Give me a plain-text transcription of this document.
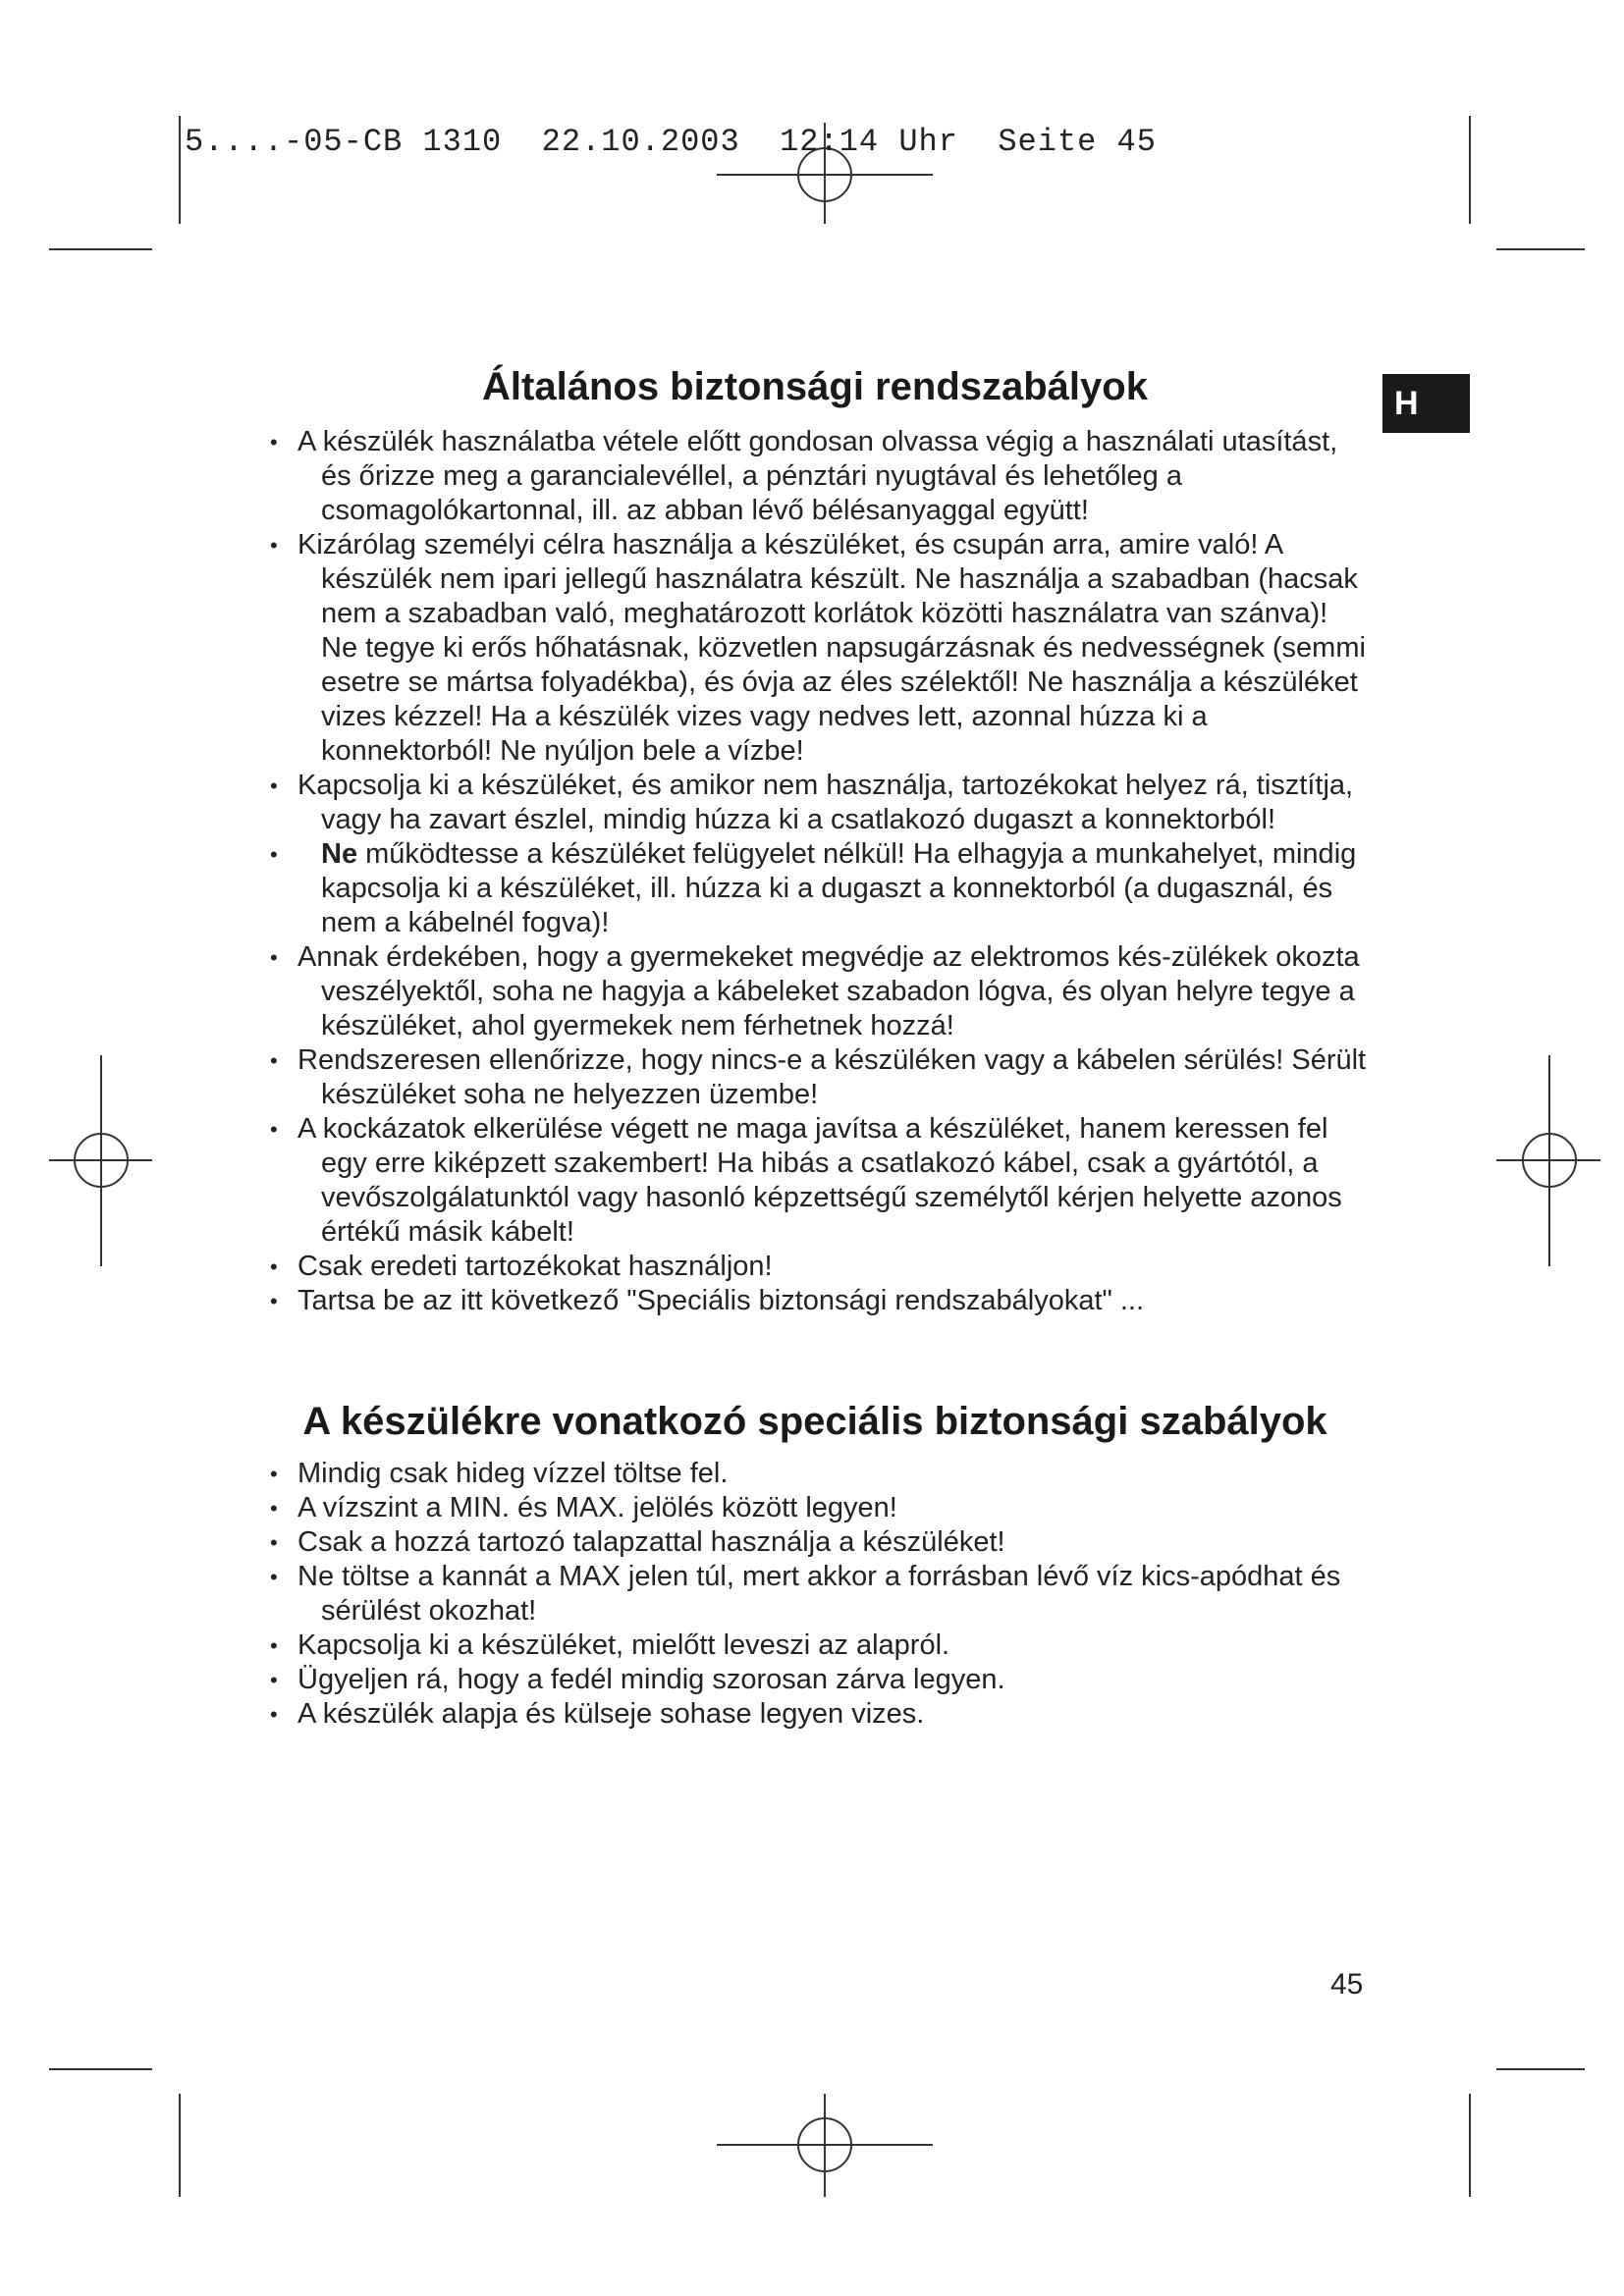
5....-05-CB 1310  22.10.2003  12:14 Uhr  Seite 45
H
Általános biztonsági rendszabályok
• A készülék használatba vétele előtt gondosan olvassa végig a használati utasítást, és őrizze meg a garancialevéllel, a pénztári nyugtával és lehetőleg a csomagolókartonnal, ill. az abban lévő bélésanyaggal együtt!
• Kizárólag személyi célra használja a készüléket, és csupán arra, amire való! A készülék nem ipari jellegű használatra készült. Ne használja a szabadban (hacsak nem a szabadban való, meghatározott korlátok közötti használatra van szánva)! Ne tegye ki erős hőhatásnak, közvetlen napsugárzásnak és nedvességnek (semmi esetre se mártsa folyadékba), és óvja az éles szélektől! Ne használja a készüléket vizes kézzel! Ha a készülék vizes vagy nedves lett, azonnal húzza ki a konnektorból! Ne nyúljon bele a vízbe!
• Kapcsolja ki a készüléket, és amikor nem használja, tartozékokat helyez rá, tisztítja, vagy ha zavart észlel, mindig húzza ki a csatlakozó dugaszt a konnektorból!
• Ne működtesse a készüléket felügyelet nélkül! Ha elhagyja a munkahelyet, mindig kapcsolja ki a készüléket, ill. húzza ki a dugaszt a konnektorból (a dugasznál, és nem a kábelnél fogva)!
• Annak érdekében, hogy a gyermekeket megvédje az elektromos kés-zülékek okozta veszélyektől, soha ne hagyja a kábeleket szabadon lógva, és olyan helyre tegye a készüléket, ahol gyermekek nem férhetnek hozzá!
• Rendszeresen ellenőrizze, hogy nincs-e a készüléken vagy a kábelen sérülés! Sérült készüléket soha ne helyezzen üzembe!
• A kockázatok elkerülése végett ne maga javítsa a készüléket, hanem keressen fel egy erre kiképzett szakembert! Ha hibás a csatlakozó kábel, csak a gyártótól, a vevőszolgálatunktól vagy hasonló képzettségű személytől kérjen helyette azonos értékű másik kábelt!
• Csak eredeti tartozékokat használjon!
• Tartsa be az itt következő "Speciális biztonsági rendszabályokat" ...
A készülékre vonatkozó speciális biztonsági szabályok
• Mindig csak hideg vízzel töltse fel.
• A vízszint a MIN. és MAX. jelölés között legyen!
• Csak a hozzá tartozó talapzattal használja a készüléket!
• Ne töltse a kannát a MAX jelen túl, mert akkor a forrásban lévő víz kics-apódhat és sérülést okozhat!
• Kapcsolja ki a készüléket, mielőtt leveszi az alapról.
• Ügyeljen rá, hogy a fedél mindig szorosan zárva legyen.
• A készülék alapja és külseje sohase legyen vizes.
45
